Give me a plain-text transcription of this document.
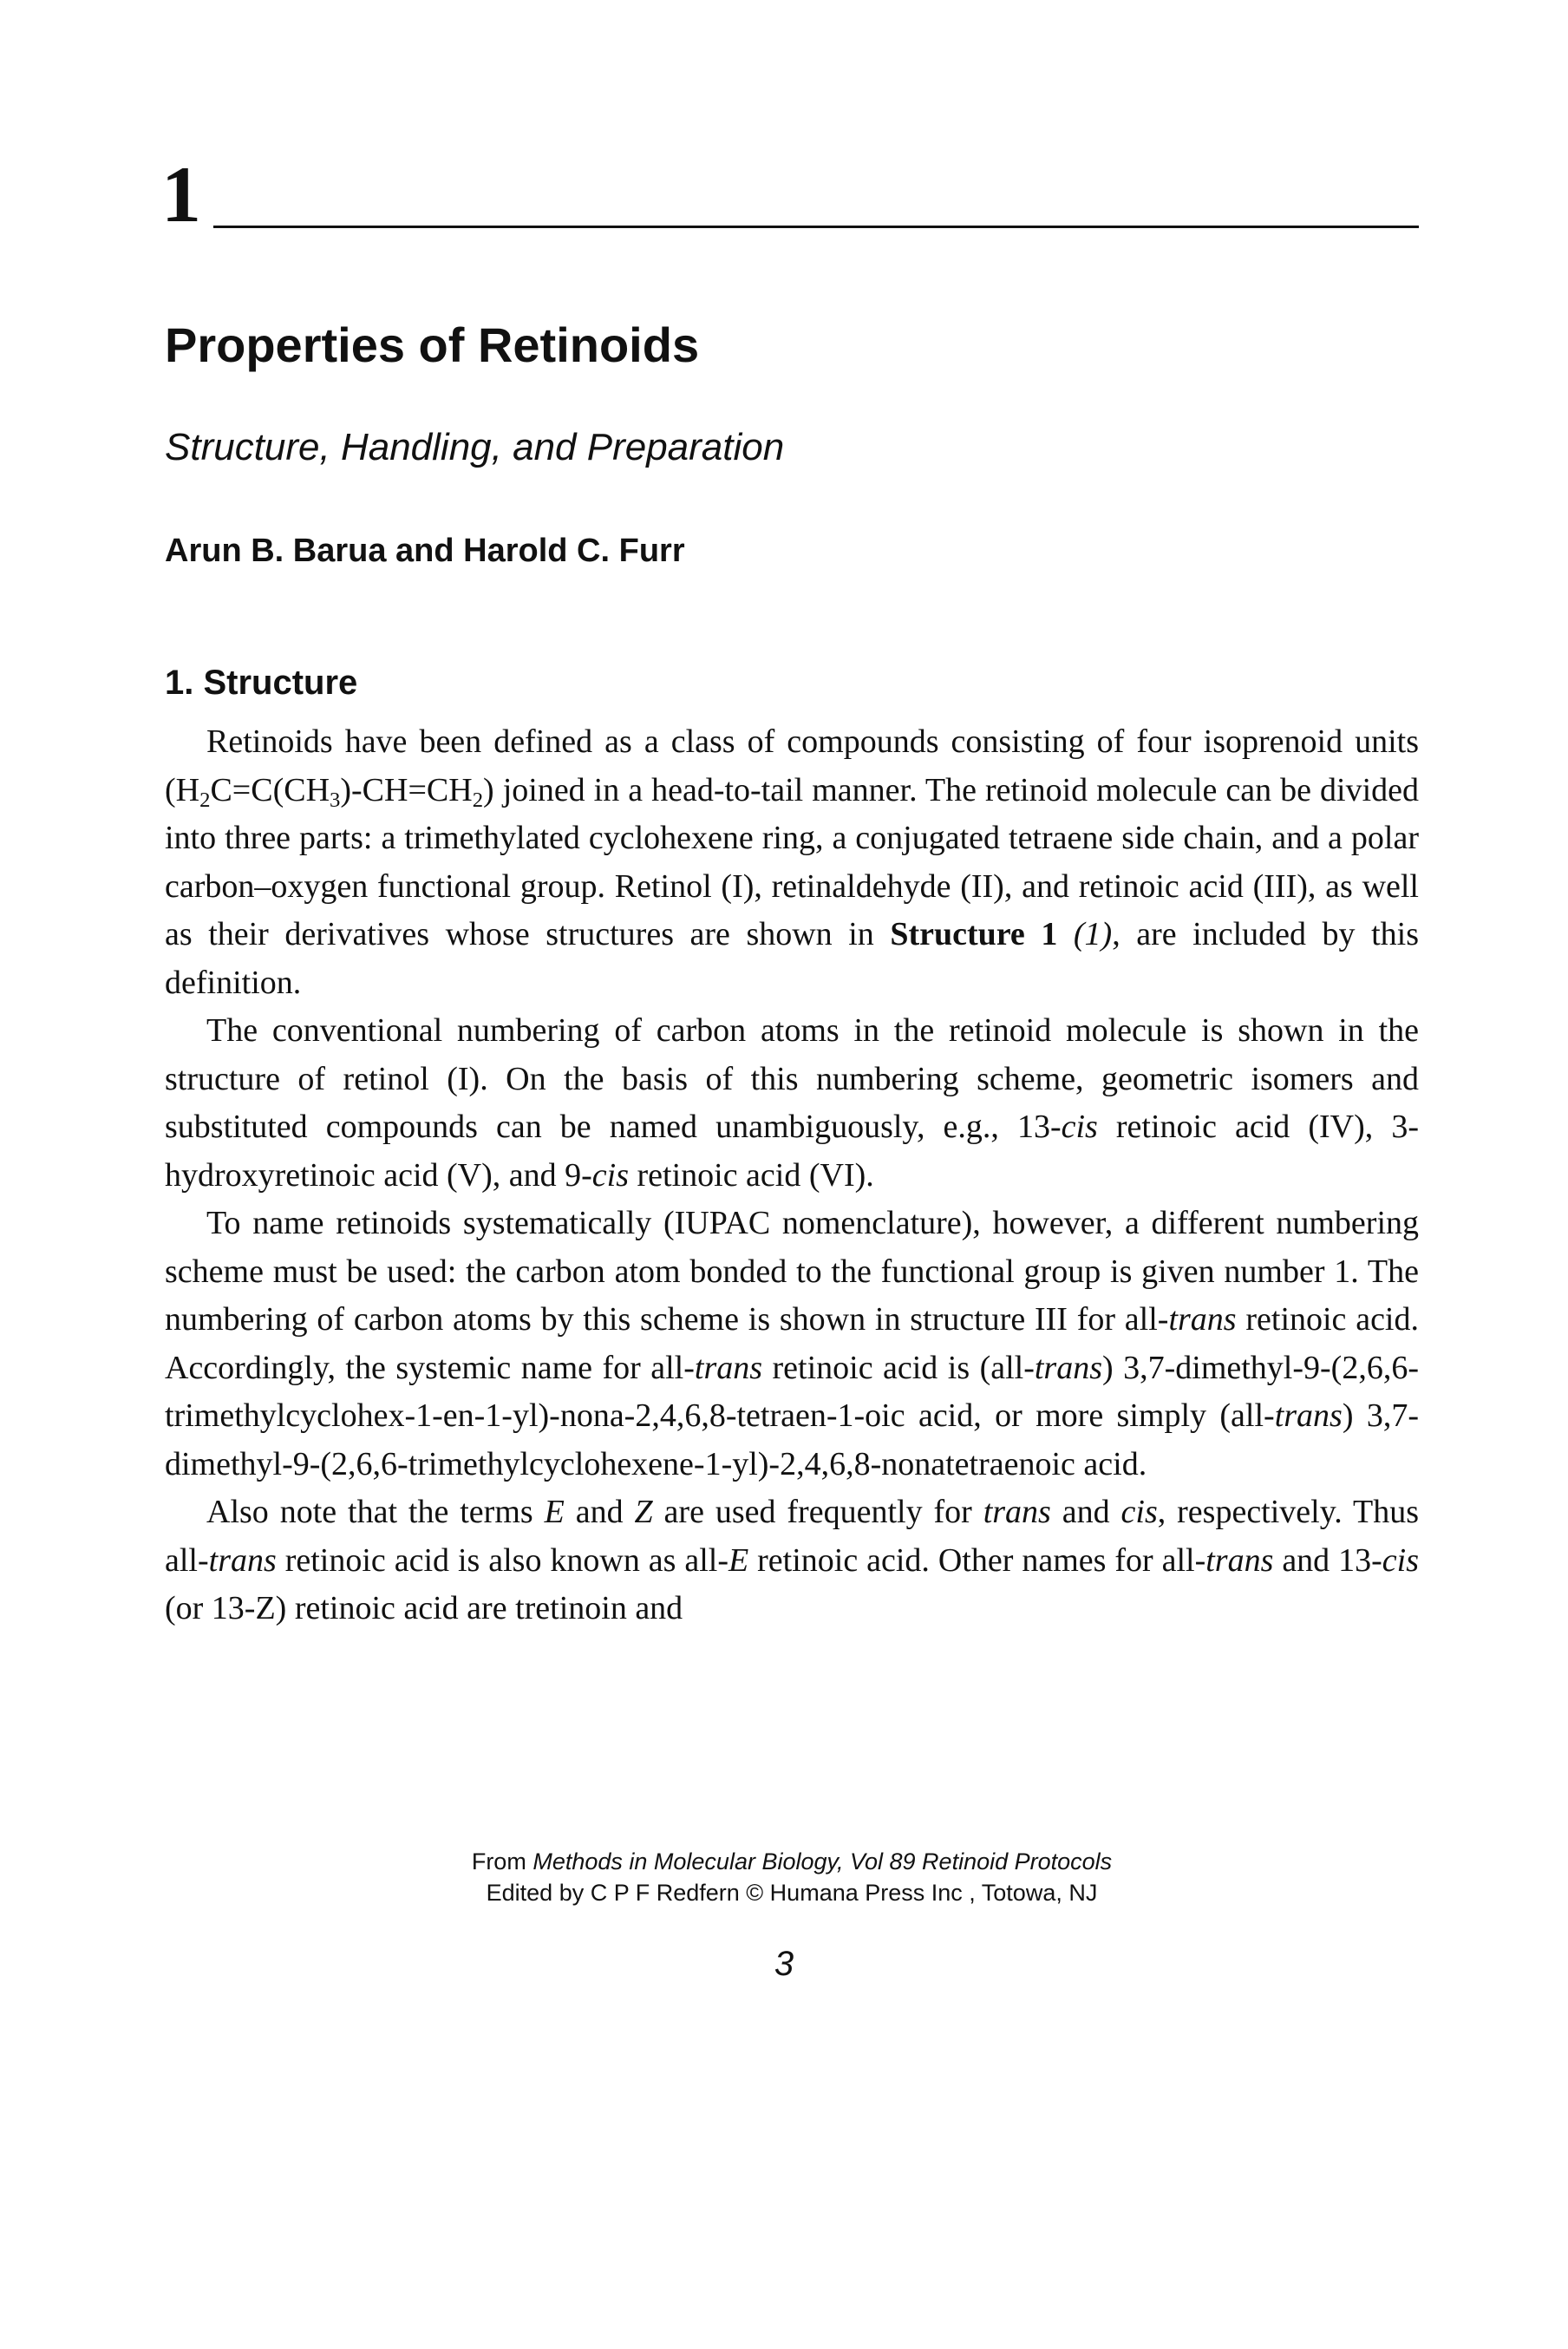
1
Properties of Retinoids
Structure, Handling, and Preparation
Arun B. Barua and Harold C. Furr
1. Structure

Retinoids have been defined as a class of compounds consisting of four isoprenoid units $(H_2C=C(CH_3)-CH=CH_2)$ joined in a head-to-tail manner. The retinoid molecule can be divided into three parts: a trimethylated cyclohexene ring, a conjugated tetraene side chain, and a polar carbon–oxygen functional group. Retinol (I), retinaldehyde (II), and retinoic acid (III), as well as their derivatives whose structures are shown in Structure 1 (1), are included by this definition.

The conventional numbering of carbon atoms in the retinoid molecule is shown in the structure of retinol (I). On the basis of this numbering scheme, geometric isomers and substituted compounds can be named unambiguously, e.g., 13-cis retinoic acid (IV), 3-hydroxyretinoic acid (V), and 9-cis retinoic acid (VI).

To name retinoids systematically (IUPAC nomenclature), however, a different numbering scheme must be used: the carbon atom bonded to the functional group is given number 1. The numbering of carbon atoms by this scheme is shown in structure III for all-trans retinoic acid. Accordingly, the systemic name for all-trans retinoic acid is (all-trans) 3,7-dimethyl-9-(2,6,6-trimethylcyclohex-1-en-1-yl)-nona-2,4,6,8-tetraen-1-oic acid, or more simply (all-trans) 3,7-dimethyl-9-(2,6,6-trimethylcyclohexene-1-yl)-2,4,6,8-nonatetraenoic acid.

Also note that the terms E and Z are used frequently for trans and cis, respectively. Thus all-trans retinoic acid is also known as all-E retinoic acid. Other names for all-trans and 13-cis (or 13-Z) retinoic acid are tretinoin and

From Methods in Molecular Biology, Vol 89 Retinoid Protocols
Edited by C P F Redfern © Humana Press Inc , Totowa, NJ
3
